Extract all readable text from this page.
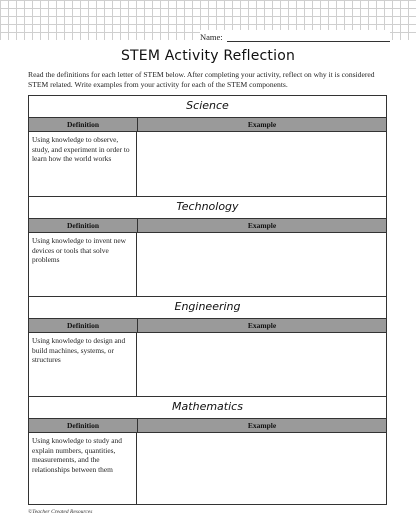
Name:
STEM Activity Reflection
Read the definitions for each letter of STEM below. After completing your activity, reflect on why it is considered STEM related. Write examples from your activity for each of the STEM components.
Science
Definition	Example
Using knowledge to observe, study, and experiment in order to learn how the world works
Technology
Definition	Example
Using knowledge to invent new devices or tools that solve problems
Engineering
Definition	Example
Using knowledge to design and build machines, systems, or structures
Mathematics
Definition	Example
Using knowledge to study and explain numbers, quantities, measurements, and the relationships between them
©Teacher Created Resources
